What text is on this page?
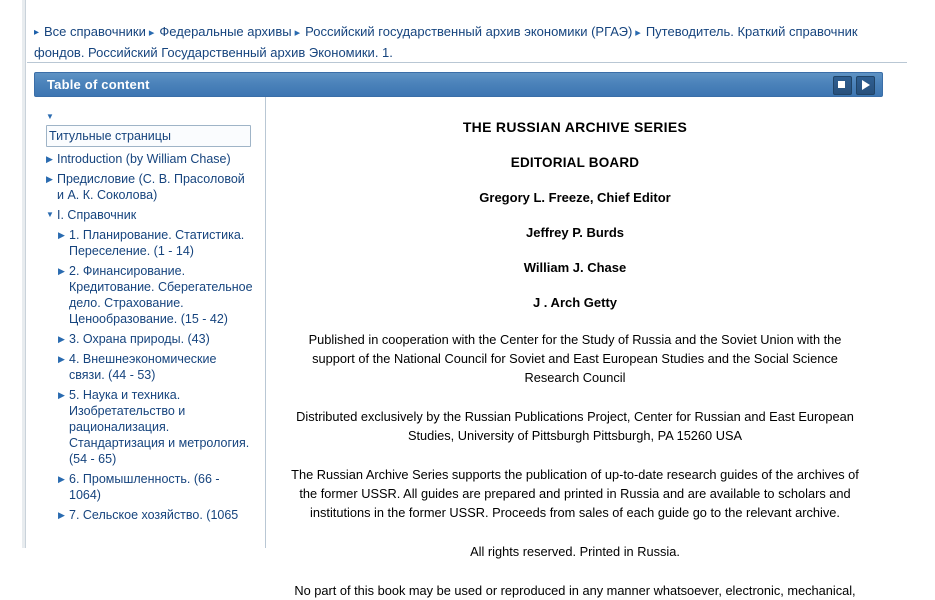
▸ Все справочники ▸ Федеральные архивы ▸ Российский государственный архив экономики (РГАЭ) ▸ Путеводитель. Краткий справочник фондов. Российский Государственный архив Экономики. 1.
Table of content
▼Титульные страницы
▶ Introduction (by William Chase)
▶ Предисловие (С. В. Прасоловой и А. К. Соколова)
▼ I. Справочник
▶ 1. Планирование. Статистика. Переселение. (1 - 14)
▶ 2. Финансирование. Кредитование. Сберегательное дело. Страхование. Ценообразование. (15 - 42)
▶ 3. Охрана природы. (43)
▶ 4. Внешнеэкономические связи. (44 - 53)
▶ 5. Наука и техника. Изобретательство и рационализация. Стандартизация и метрология. (54 - 65)
▶ 6. Промышленность. (66 - 1064)
▶ 7. Сельское хозяйство. (1065
THE RUSSIAN ARCHIVE SERIES
EDITORIAL BOARD
Gregory L. Freeze, Chief Editor
Jeffrey P. Burds
William J. Chase
J . Arch Getty
Published in cooperation with the Center for the Study of Russia and the Soviet Union with the support of the National Council for Soviet and East European Studies and the Social Science Research Council
Distributed exclusively by the Russian Publications Project, Center for Russian and East European Studies, University of Pittsburgh Pittsburgh, PA 15260 USA
The Russian Archive Series supports the publication of up-to-date research guides of the archives of the former USSR. All guides are prepared and printed in Russia and are available to scholars and institutions in the former USSR. Proceeds from sales of each guide go to the relevant archive.
All rights reserved. Printed in Russia.
No part of this book may be used or reproduced in any manner whatsoever, electronic, mechanical,
